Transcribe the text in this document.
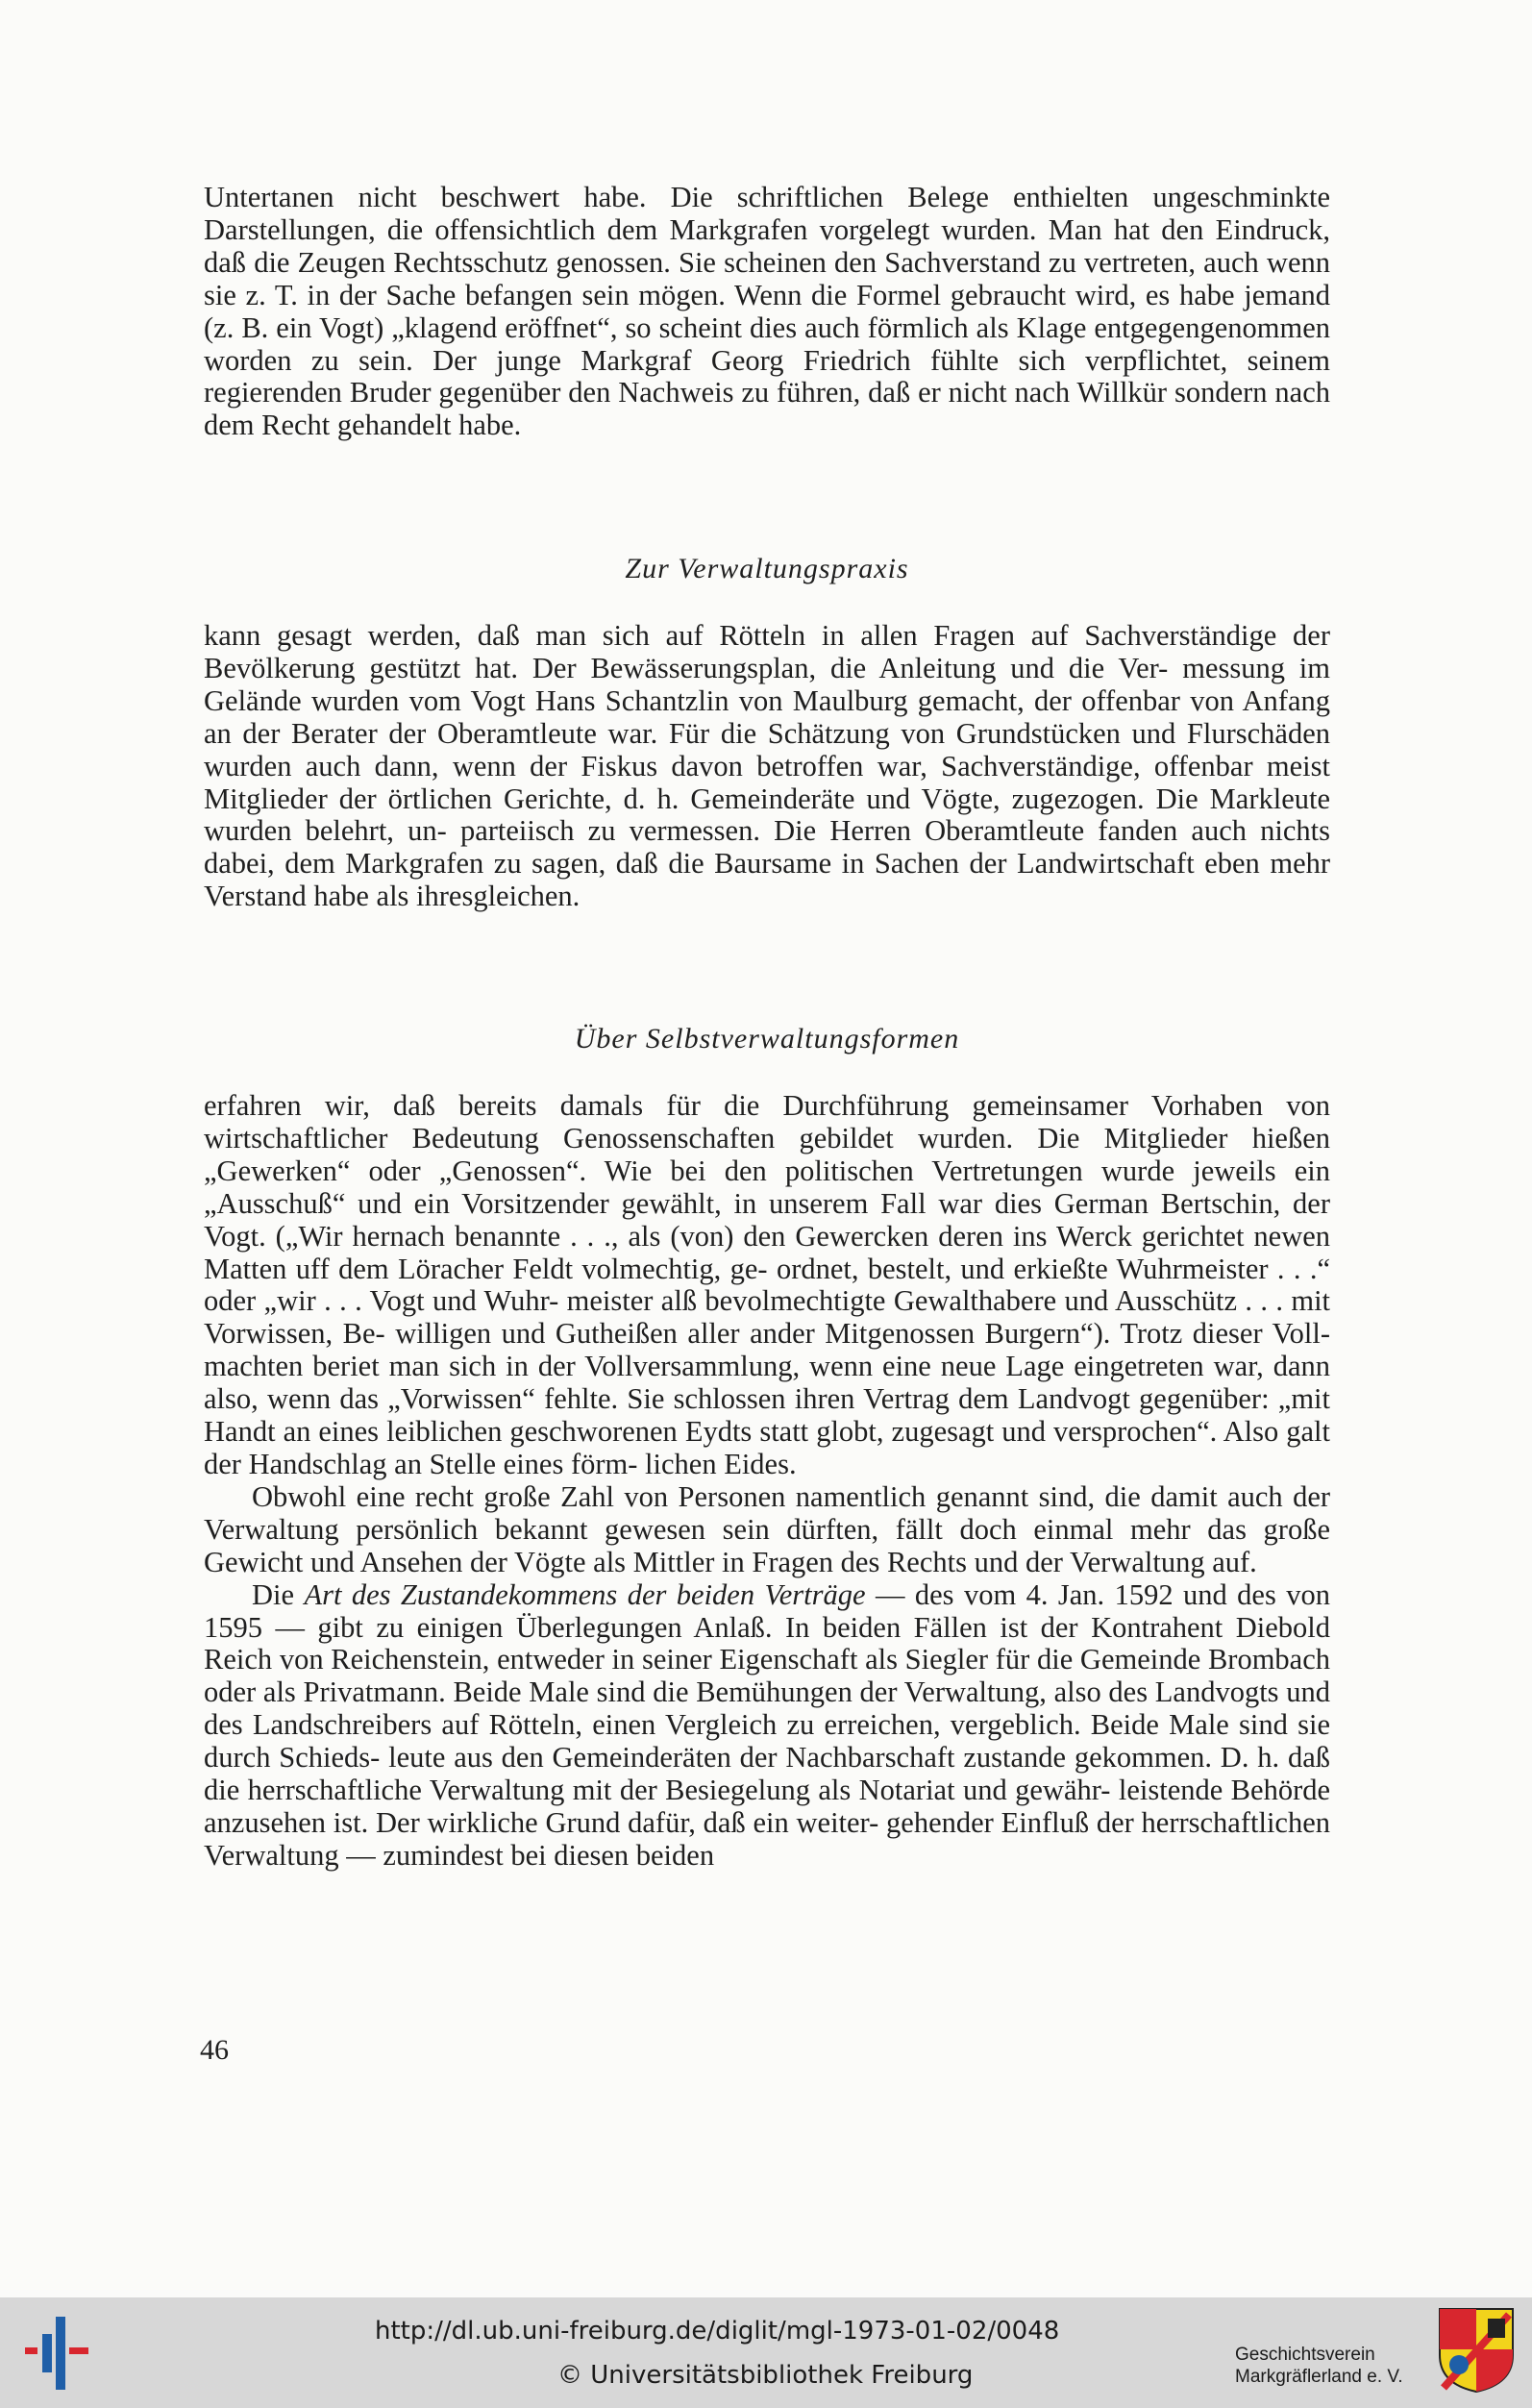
Untertanen nicht beschwert habe. Die schriftlichen Belege enthielten ungeschminkte Darstellungen, die offensichtlich dem Markgrafen vorgelegt wurden. Man hat den Eindruck, daß die Zeugen Rechtsschutz genossen. Sie scheinen den Sachverstand zu vertreten, auch wenn sie z. T. in der Sache befangen sein mögen. Wenn die Formel gebraucht wird, es habe jemand (z. B. ein Vogt) „klagend eröffnet“, so scheint dies auch förmlich als Klage entgegengenommen worden zu sein. Der junge Markgraf Georg Friedrich fühlte sich verpflichtet, seinem regierenden Bruder gegenüber den Nachweis zu führen, daß er nicht nach Willkür sondern nach dem Recht gehandelt habe.

Zur Verwaltungspraxis

kann gesagt werden, daß man sich auf Rötteln in allen Fragen auf Sachverständige der Bevölkerung gestützt hat. Der Bewässerungsplan, die Anleitung und die Ver- messung im Gelände wurden vom Vogt Hans Schantzlin von Maulburg gemacht, der offenbar von Anfang an der Berater der Oberamtleute war. Für die Schätzung von Grundstücken und Flurschäden wurden auch dann, wenn der Fiskus davon betroffen war, Sachverständige, offenbar meist Mitglieder der örtlichen Gerichte, d. h. Gemeinderäte und Vögte, zugezogen. Die Markleute wurden belehrt, un- parteiisch zu vermessen. Die Herren Oberamtleute fanden auch nichts dabei, dem Markgrafen zu sagen, daß die Baursame in Sachen der Landwirtschaft eben mehr Verstand habe als ihresgleichen.

Über Selbstverwaltungsformen

erfahren wir, daß bereits damals für die Durchführung gemeinsamer Vorhaben von wirtschaftlicher Bedeutung Genossenschaften gebildet wurden. Die Mitglieder hießen „Gewerken“ oder „Genossen“. Wie bei den politischen Vertretungen wurde jeweils ein „Ausschuß“ und ein Vorsitzender gewählt, in unserem Fall war dies German Bertschin, der Vogt. („Wir hernach benannte . . ., als (von) den Gewercken deren ins Werck gerichtet newen Matten uff dem Löracher Feldt volmechtig, ge- ordnet, bestelt, und erkießte Wuhrmeister . . .“ oder „wir . . . Vogt und Wuhr- meister alß bevolmechtigte Gewalthabere und Ausschütz . . . mit Vorwissen, Be- willigen und Gutheißen aller ander Mitgenossen Burgern“). Trotz dieser Voll- machten beriet man sich in der Vollversammlung, wenn eine neue Lage eingetreten war, dann also, wenn das „Vorwissen“ fehlte. Sie schlossen ihren Vertrag dem Landvogt gegenüber: „mit Handt an eines leiblichen geschworenen Eydts statt globt, zugesagt und versprochen“. Also galt der Handschlag an Stelle eines förm- lichen Eides.

Obwohl eine recht große Zahl von Personen namentlich genannt sind, die damit auch der Verwaltung persönlich bekannt gewesen sein dürften, fällt doch einmal mehr das große Gewicht und Ansehen der Vögte als Mittler in Fragen des Rechts und der Verwaltung auf.

Die Art des Zustandekommens der beiden Verträge — des vom 4. Jan. 1592 und des von 1595 — gibt zu einigen Überlegungen Anlaß. In beiden Fällen ist der Kontrahent Diebold Reich von Reichenstein, entweder in seiner Eigenschaft als Siegler für die Gemeinde Brombach oder als Privatmann. Beide Male sind die Bemühungen der Verwaltung, also des Landvogts und des Landschreibers auf Rötteln, einen Vergleich zu erreichen, vergeblich. Beide Male sind sie durch Schieds- leute aus den Gemeinderäten der Nachbarschaft zustande gekommen. D. h. daß die herrschaftliche Verwaltung mit der Besiegelung als Notariat und gewähr- leistende Behörde anzusehen ist. Der wirkliche Grund dafür, daß ein weiter- gehender Einfluß der herrschaftlichen Verwaltung — zumindest bei diesen beiden

46
http://dl.ub.uni-freiburg.de/diglit/mgl-1973-01-02/0048
© Universitätsbibliothek Freiburg
Geschichtsverein
Markgräflerland e. V.
